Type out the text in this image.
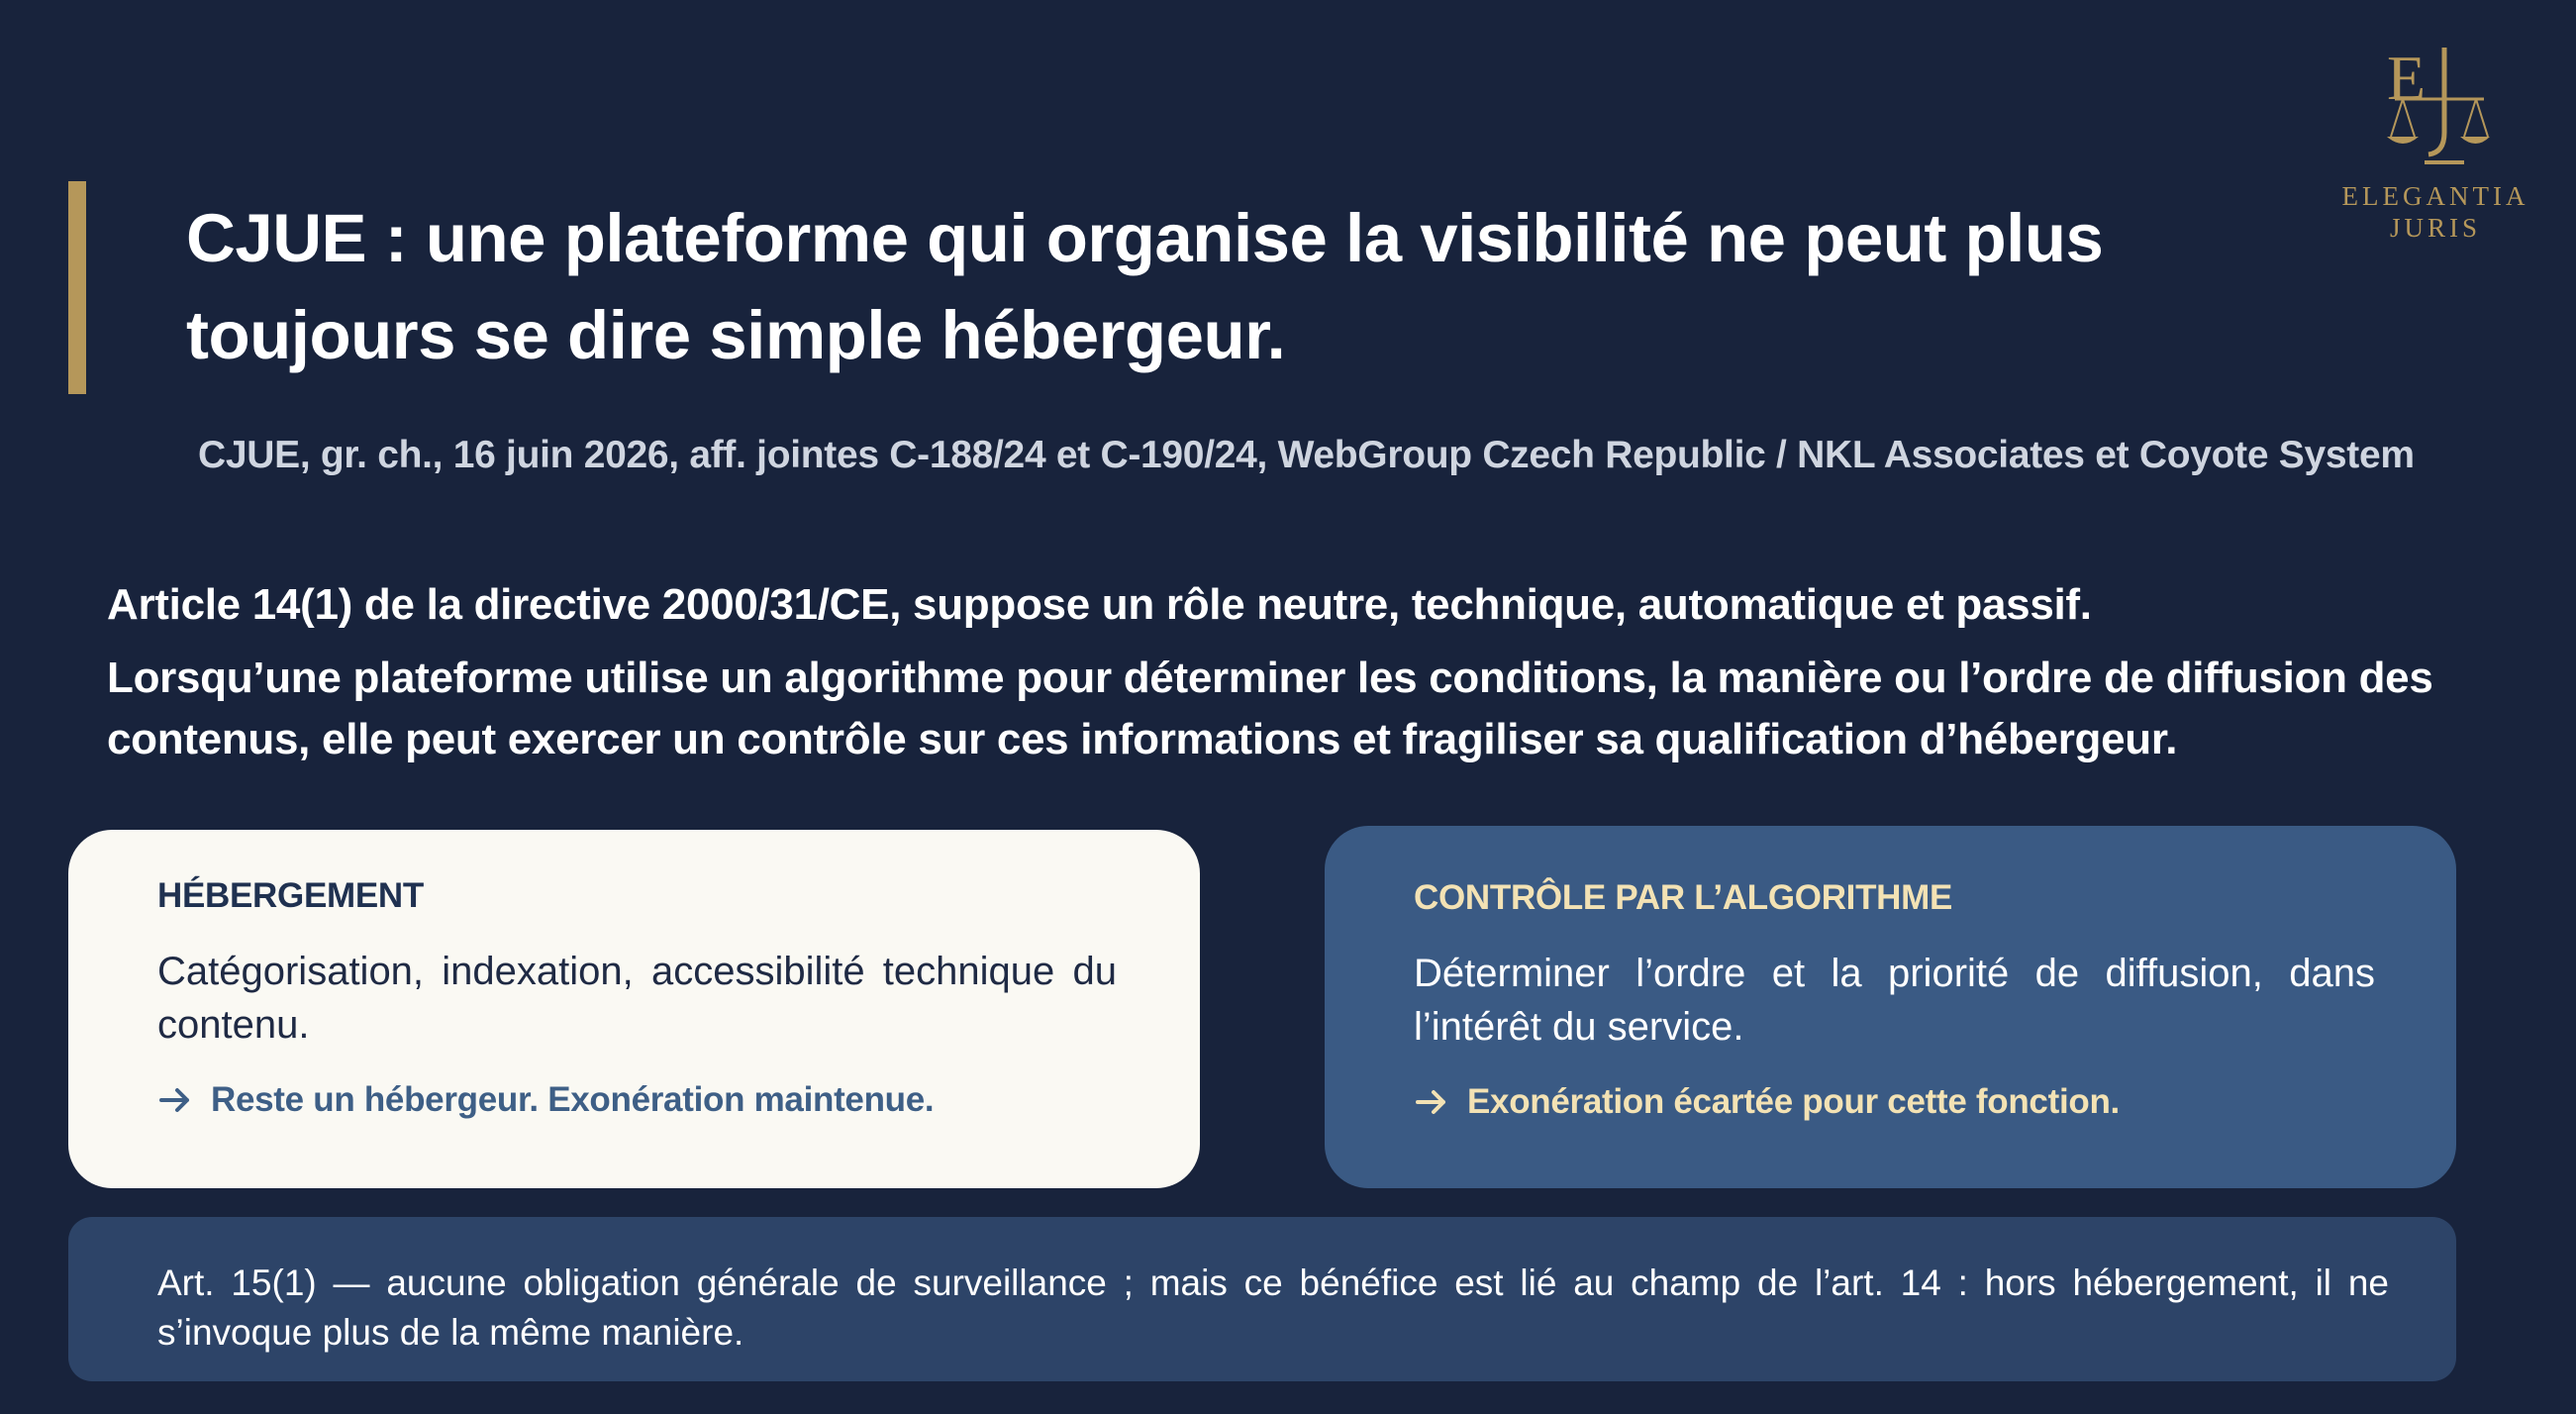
CJUE : une plateforme qui organise la visibilité ne peut plus toujours se dire simple hébergeur.
CJUE, gr. ch., 16 juin 2026, aff. jointes C-188/24 et C-190/24, WebGroup Czech Republic / NKL Associates et Coyote System
E
ELEGANTIA
JURIS

Article 14(1) de la directive 2000/31/CE, suppose un rôle neutre, technique, automatique et passif.

Lorsqu’une plateforme utilise un algorithme pour déterminer les conditions, la manière ou l’ordre de diffusion des contenus, elle peut exercer un contrôle sur ces informations et fragiliser sa qualification d’hébergeur.

HÉBERGEMENT
Catégorisation, indexation, accessibilité technique du contenu.
Reste un hébergeur. Exonération maintenue.
CONTRÔLE PAR L’ALGORITHME
Déterminer l’ordre et la priorité de diffusion, dans l’intérêt du service.
Exonération écartée pour cette fonction.
Art. 15(1) — aucune obligation générale de surveillance ; mais ce bénéfice est lié au champ de l’art. 14 : hors hébergement, il ne s’invoque plus de la même manière.
